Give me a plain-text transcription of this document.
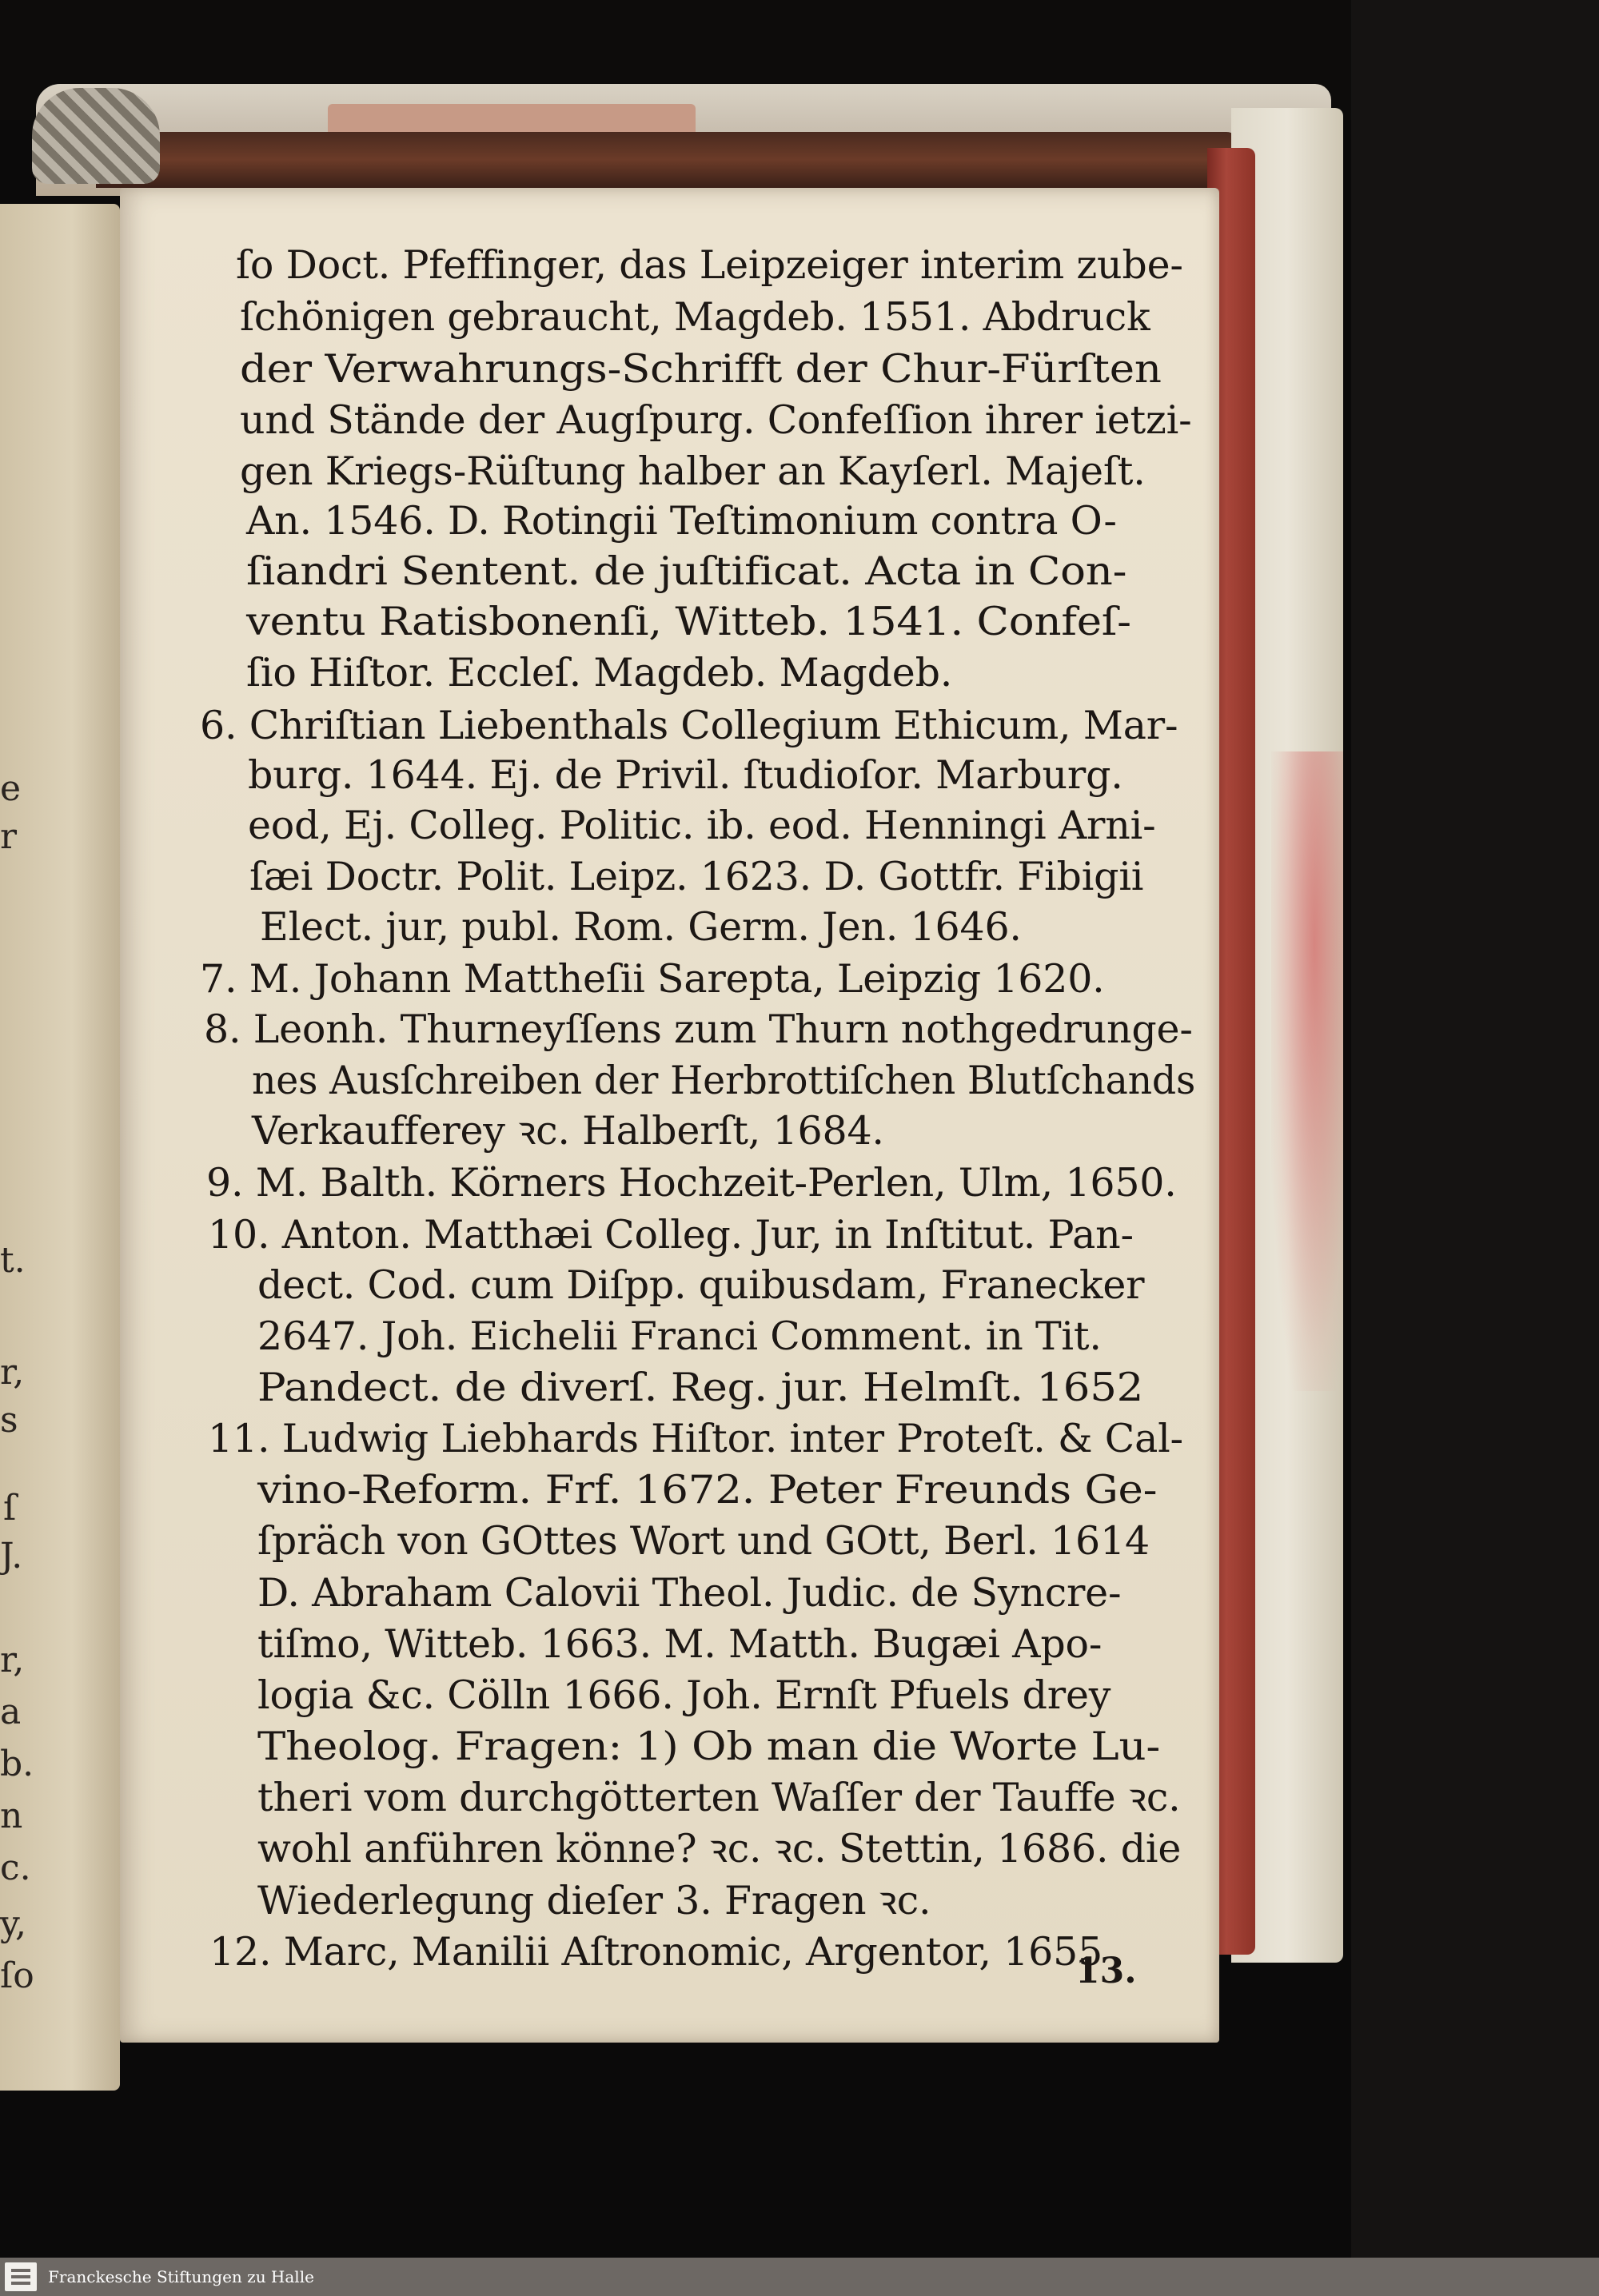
e
r
t.
r,
s
ſ
J.
r,
a
b.
n
c.
y,
ſo
ſo Doct. Pfeffinger, das Leipzeiger interim zube-
ſchönigen gebraucht, Magdeb. 1551. Abdruck
der Verwahrungs-Schrifft der Chur-Fürſten
und Stände der Augſpurg. Confeſſion ihrer ietzi-
gen Kriegs-Rüſtung halber an Kayſerl. Majeſt.
An. 1546. D. Rotingii Teſtimonium contra O-
ſiandri Sentent. de juſtificat. Acta in Con-
ventu Ratisbonenſi, Witteb. 1541. Confeſ-
ſio Hiſtor. Eccleſ. Magdeb. Magdeb.
6. Chriſtian Liebenthals Collegium Ethicum, Mar-
burg. 1644. Ej. de Privil. ſtudioſor. Marburg.
eod, Ej. Colleg. Politic. ib. eod. Henningi Arni-
ſæi Doctr. Polit. Leipz. 1623. D. Gottfr. Fibigii
Elect. jur, publ. Rom. Germ. Jen. 1646.
7. M. Johann Mattheſii Sarepta, Leipzig 1620.
8. Leonh. Thurneyſſens zum Thurn nothgedrunge-
nes Ausſchreiben der Herbrottiſchen Blutſchands
Verkaufferey ꝛc. Halberſt, 1684.
9. M. Balth. Körners Hochzeit-Perlen, Ulm, 1650.
10. Anton. Matthæi Colleg. Jur, in Inſtitut. Pan-
dect. Cod. cum Diſpp. quibusdam, Franecker
2647. Joh. Eichelii Franci Comment. in Tit.
Pandect. de diverſ. Reg. jur. Helmſt. 1652
11. Ludwig Liebhards Hiſtor. inter Proteſt. & Cal-
vino-Reform. Frf. 1672. Peter Freunds Ge-
ſpräch von GOttes Wort und GOtt, Berl. 1614
D. Abraham Calovii Theol. Judic. de Syncre-
tiſmo, Witteb. 1663. M. Matth. Bugæi Apo-
logia &c. Cölln 1666. Joh. Ernſt Pfuels drey
Theolog. Fragen: 1) Ob man die Worte Lu-
theri vom durchgötterten Waſſer der Tauffe ꝛc.
wohl anführen könne? ꝛc. ꝛc. Stettin, 1686. die
Wiederlegung dieſer 3. Fragen ꝛc.
12. Marc, Manilii Aſtronomic, Argentor, 1655
13.
Franckesche Stiftungen zu Halle
